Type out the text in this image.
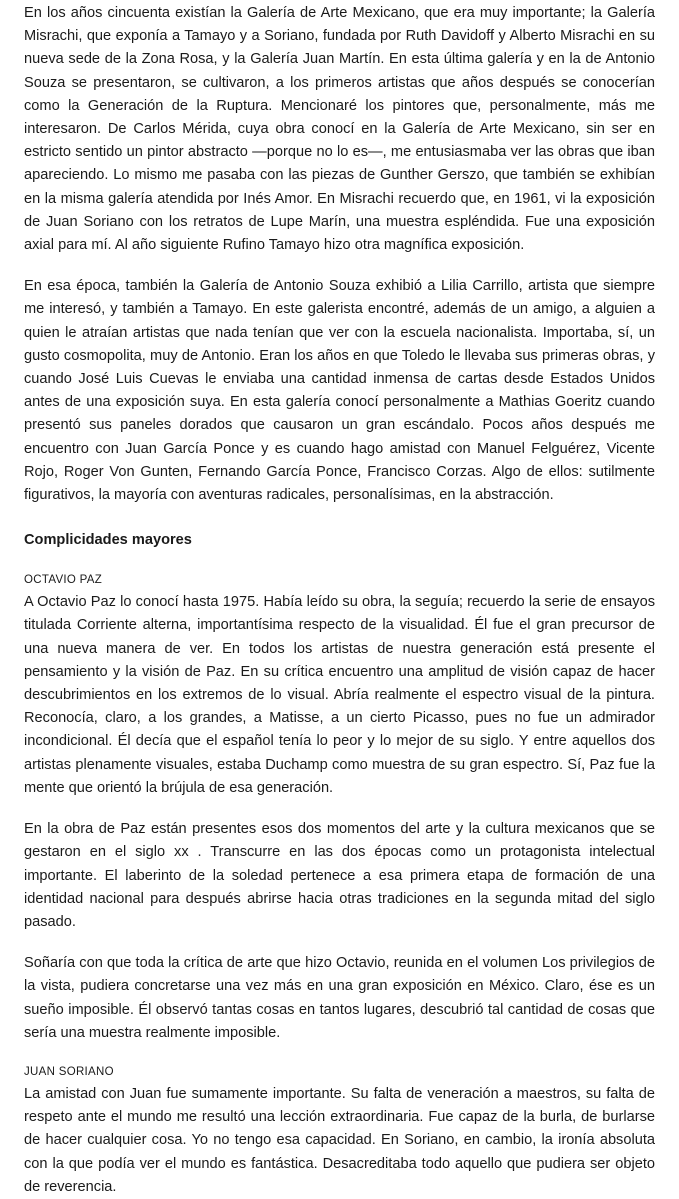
En los años cincuenta existían la Galería de Arte Mexicano, que era muy importante; la Galería Misrachi, que exponía a Tamayo y a Soriano, fundada por Ruth Davidoff y Alberto Misrachi en su nueva sede de la Zona Rosa, y la Galería Juan Martín. En esta última galería y en la de Antonio Souza se presentaron, se cultivaron, a los primeros artistas que años después se conocerían como la Generación de la Ruptura. Mencionaré los pintores que, personalmente, más me interesaron. De Carlos Mérida, cuya obra conocí en la Galería de Arte Mexicano, sin ser en estricto sentido un pintor abstracto —porque no lo es—, me entusiasmaba ver las obras que iban apareciendo. Lo mismo me pasaba con las piezas de Gunther Gerszo, que también se exhibían en la misma galería atendida por Inés Amor. En Misrachi recuerdo que, en 1961, vi la exposición de Juan Soriano con los retratos de Lupe Marín, una muestra espléndida. Fue una exposición axial para mí. Al año siguiente Rufino Tamayo hizo otra magnífica exposición.

En esa época, también la Galería de Antonio Souza exhibió a Lilia Carrillo, artista que siempre me interesó, y también a Tamayo. En este galerista encontré, además de un amigo, a alguien a quien le atraían artistas que nada tenían que ver con la escuela nacionalista. Importaba, sí, un gusto cosmopolita, muy de Antonio. Eran los años en que Toledo le llevaba sus primeras obras, y cuando José Luis Cuevas le enviaba una cantidad inmensa de cartas desde Estados Unidos antes de una exposición suya. En esta galería conocí personalmente a Mathias Goeritz cuando presentó sus paneles dorados que causaron un gran escándalo. Pocos años después me encuentro con Juan García Ponce y es cuando hago amistad con Manuel Felguérez, Vicente Rojo, Roger Von Gunten, Fernando García Ponce, Francisco Corzas. Algo de ellos: sutilmente figurativos, la mayoría con aventuras radicales, personalísimas, en la abstracción.

Complicidades mayores
OCTAVIO PAZ

A Octavio Paz lo conocí hasta 1975. Había leído su obra, la seguía; recuerdo la serie de ensayos titulada Corriente alterna, importantísima respecto de la visualidad. Él fue el gran precursor de una nueva manera de ver. En todos los artistas de nuestra generación está presente el pensamiento y la visión de Paz. En su crítica encuentro una amplitud de visión capaz de hacer descubrimientos en los extremos de lo visual. Abría realmente el espectro visual de la pintura. Reconocía, claro, a los grandes, a Matisse, a un cierto Picasso, pues no fue un admirador incondicional. Él decía que el español tenía lo peor y lo mejor de su siglo. Y entre aquellos dos artistas plenamente visuales, estaba Duchamp como muestra de su gran espectro. Sí, Paz fue la mente que orientó la brújula de esa generación.

En la obra de Paz están presentes esos dos momentos del arte y la cultura mexicanos que se gestaron en el siglo xx . Transcurre en las dos épocas como un protagonista intelectual importante. El laberinto de la soledad pertenece a esa primera etapa de formación de una identidad nacional para después abrirse hacia otras tradiciones en la segunda mitad del siglo pasado.

Soñaría con que toda la crítica de arte que hizo Octavio, reunida en el volumen Los privilegios de la vista, pudiera concretarse una vez más en una gran exposición en México. Claro, ése es un sueño imposible. Él observó tantas cosas en tantos lugares, descubrió tal cantidad de cosas que sería una muestra realmente imposible.

JUAN SORIANO

La amistad con Juan fue sumamente importante. Su falta de veneración a maestros, su falta de respeto ante el mundo me resultó una lección extraordinaria. Fue capaz de la burla, de burlarse de hacer cualquier cosa. Yo no tengo esa capacidad. En Soriano, en cambio, la ironía absoluta con la que podía ver el mundo es fantástica. Desacreditaba todo aquello que pudiera ser objeto de reverencia.
